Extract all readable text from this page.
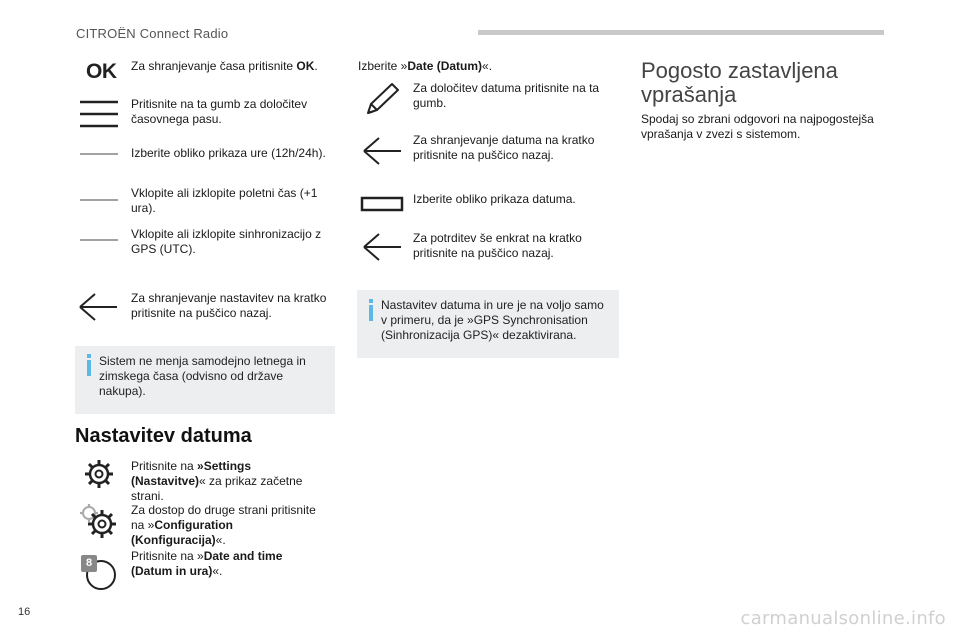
CITROËN Connect Radio
OK Za shranjevanje časa pritisnite OK.
Pritisnite na ta gumb za določitev časovnega pasu.
Izberite obliko prikaza ure (12h/24h).
Vklopite ali izklopite poletni čas (+1 ura).
Vklopite ali izklopite sinhronizacijo z GPS (UTC).
Za shranjevanje nastavitev na kratko pritisnite na puščico nazaj.
Sistem ne menja samodejno letnega in zimskega časa (odvisno od države nakupa).
Nastavitev datuma
Pritisnite na »Settings (Nastavitve)« za prikaz začetne strani.
Za dostop do druge strani pritisnite na »Configuration (Konfiguracija)«.
8	Pritisnite na »Date and time (Datum in ura)«.
Izberite »Date (Datum)«.
Za določitev datuma pritisnite na ta gumb.
Za shranjevanje datuma na kratko pritisnite na puščico nazaj.
Izberite obliko prikaza datuma.
Za potrditev še enkrat na kratko pritisnite na puščico nazaj.
Nastavitev datuma in ure je na voljo samo v primeru, da je »GPS Synchronisation (Sinhronizacija GPS)« dezaktivirana.
Pogosto zastavljena
vprašanja
Spodaj so zbrani odgovori na najpogostejša vprašanja v zvezi s sistemom.
16	carmanualsonline.info
